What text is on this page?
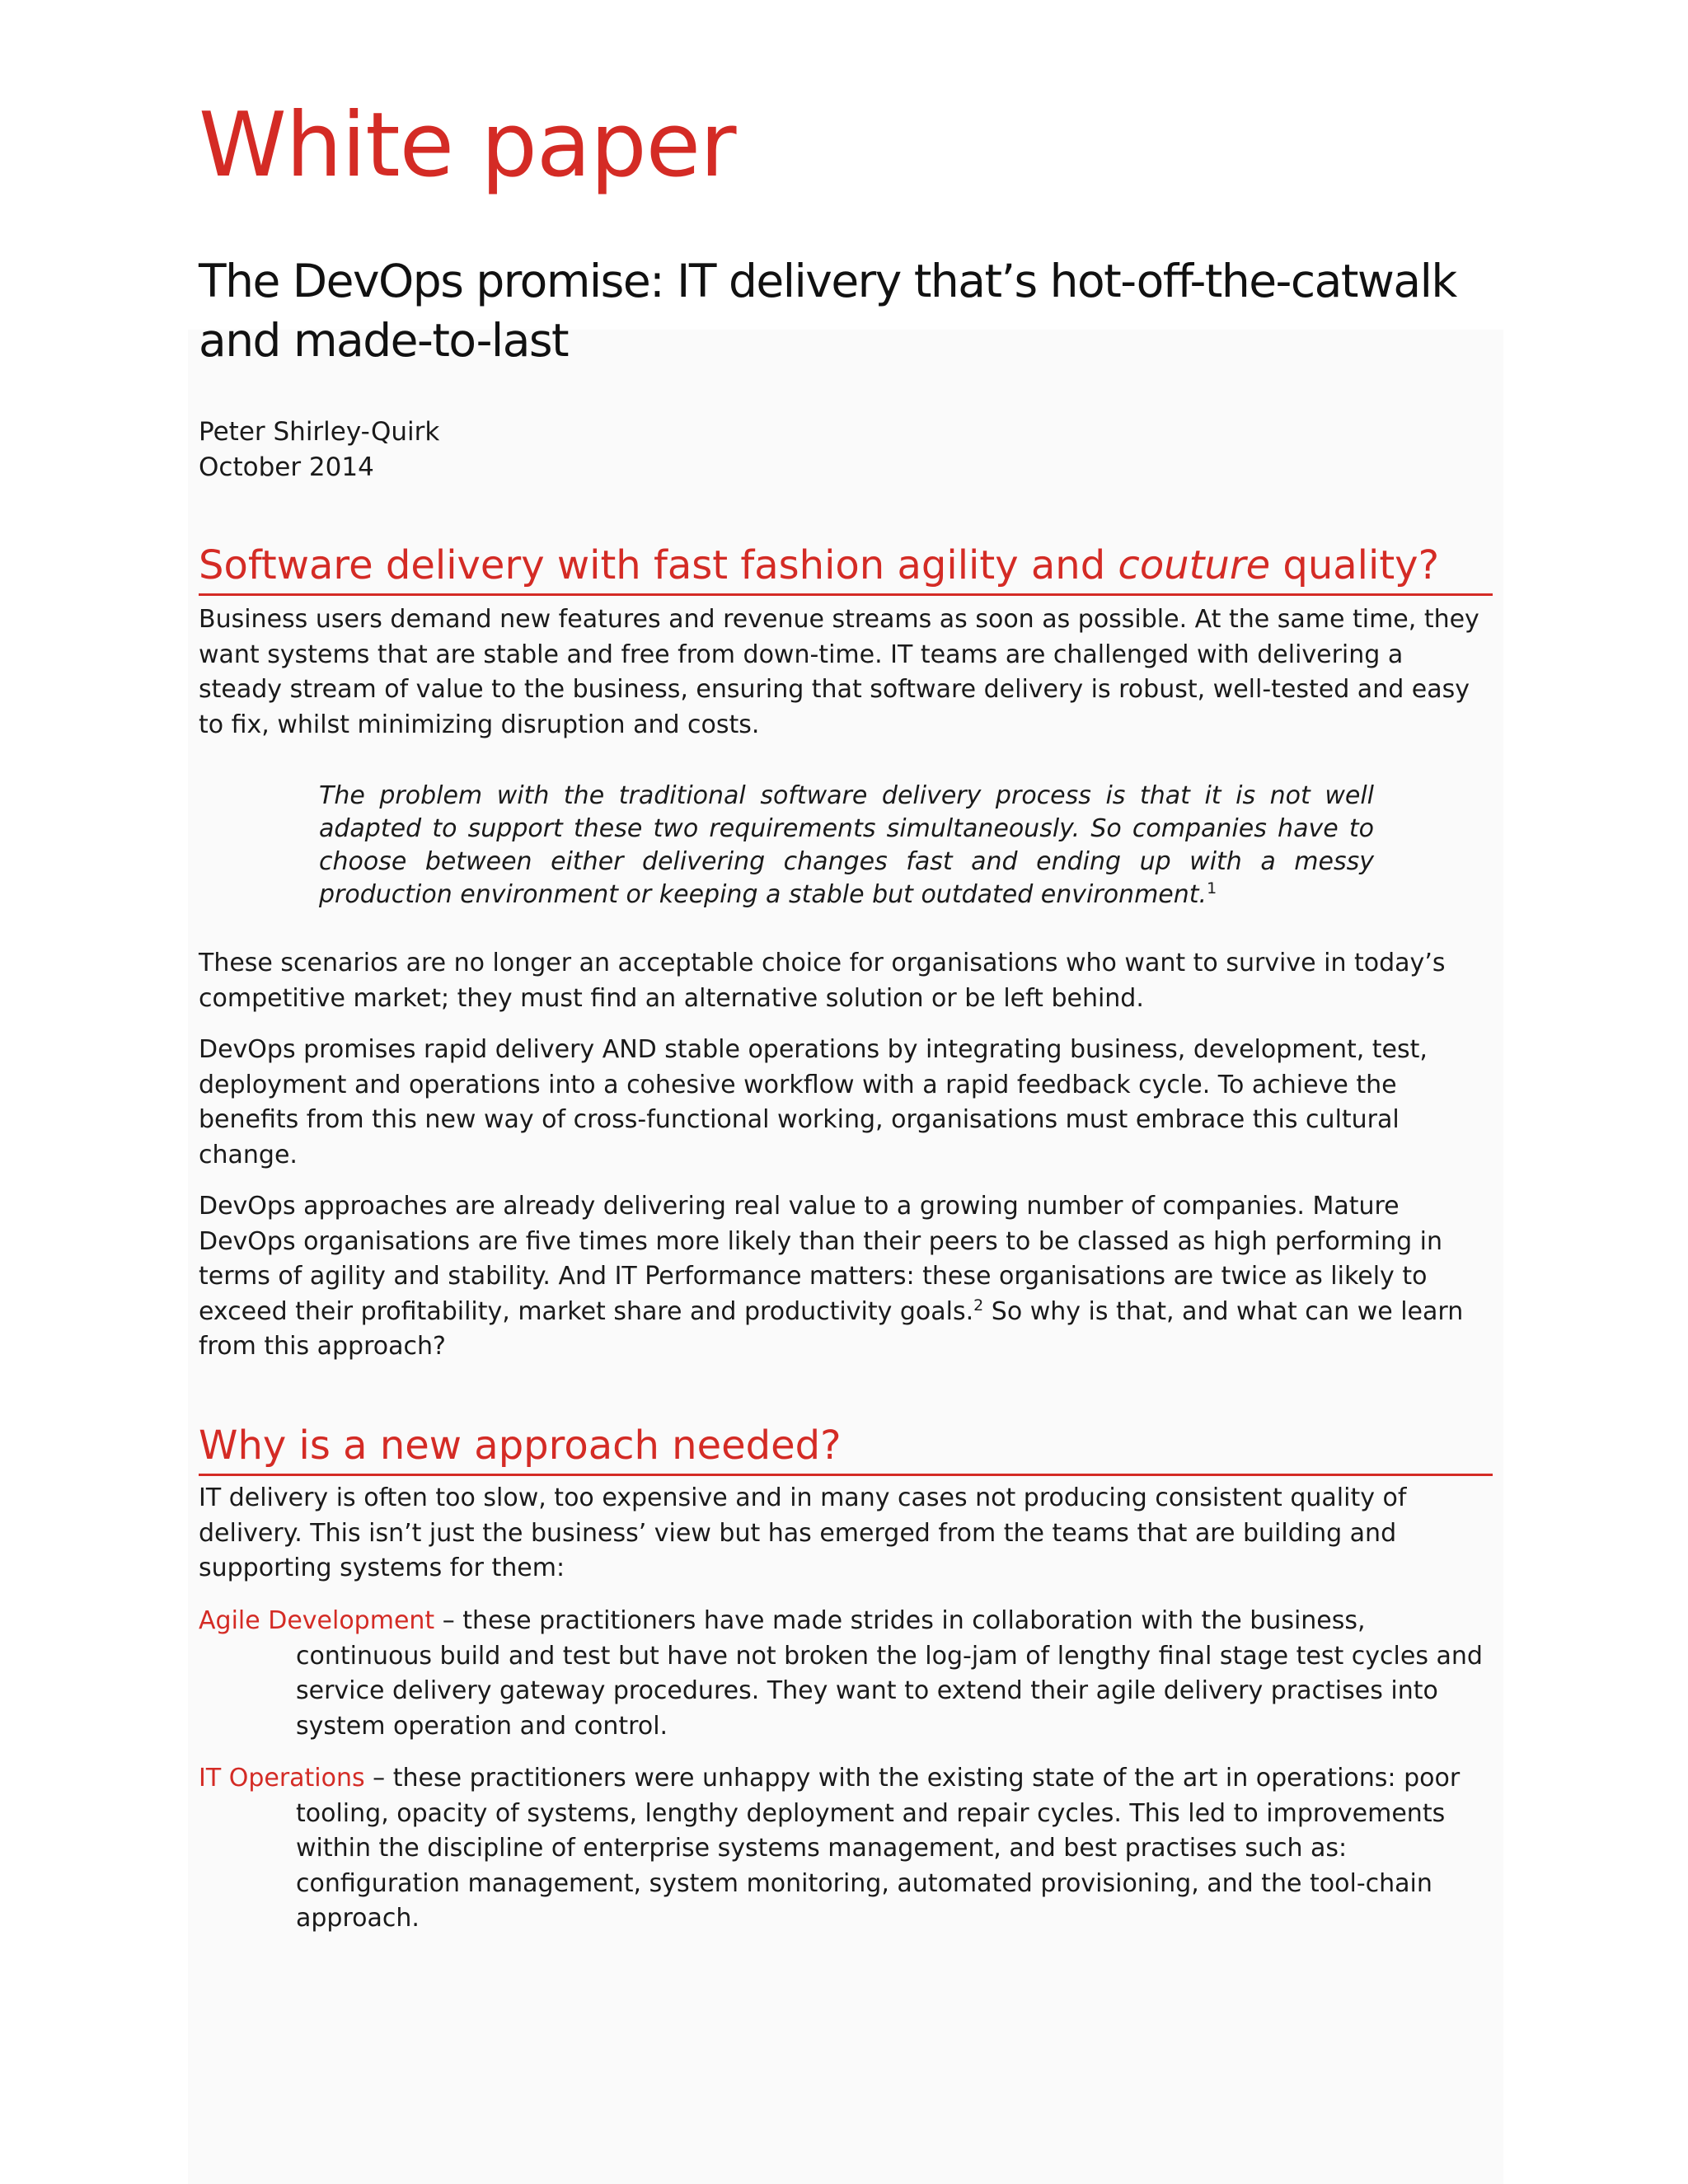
White paper
The DevOps promise: IT delivery that’s hot-off-the-catwalk and made-to-last
Peter Shirley-Quirk
October 2014
Software delivery with fast fashion agility and couture quality?
Business users demand new features and revenue streams as soon as possible. At the same time, they want systems that are stable and free from down-time. IT teams are challenged with delivering a steady stream of value to the business, ensuring that software delivery is robust, well-tested and easy to fix, whilst minimizing disruption and costs.
The problem with the traditional software delivery process is that it is not well adapted to support these two requirements simultaneously. So companies have to choose between either delivering changes fast and ending up with a messy production environment or keeping a stable but outdated environment.$^1$
These scenarios are no longer an acceptable choice for organisations who want to survive in today’s competitive market; they must find an alternative solution or be left behind.
DevOps promises rapid delivery AND stable operations by integrating business, development, test, deployment and operations into a cohesive workflow with a rapid feedback cycle. To achieve the benefits from this new way of cross-functional working, organisations must embrace this cultural change.
DevOps approaches are already delivering real value to a growing number of companies. Mature DevOps organisations are five times more likely than their peers to be classed as high performing in terms of agility and stability. And IT Performance matters: these organisations are twice as likely to exceed their profitability, market share and productivity goals.$^2$ So why is that, and what can we learn from this approach?
Why is a new approach needed?
IT delivery is often too slow, too expensive and in many cases not producing consistent quality of delivery. This isn’t just the business’ view but has emerged from the teams that are building and supporting systems for them:
Agile Development – these practitioners have made strides in collaboration with the business, continuous build and test but have not broken the log-jam of lengthy final stage test cycles and service delivery gateway procedures. They want to extend their agile delivery practises into system operation and control.
IT Operations – these practitioners were unhappy with the existing state of the art in operations: poor tooling, opacity of systems, lengthy deployment and repair cycles. This led to improvements within the discipline of enterprise systems management, and best practises such as: configuration management, system monitoring, automated provisioning, and the tool-chain approach.
